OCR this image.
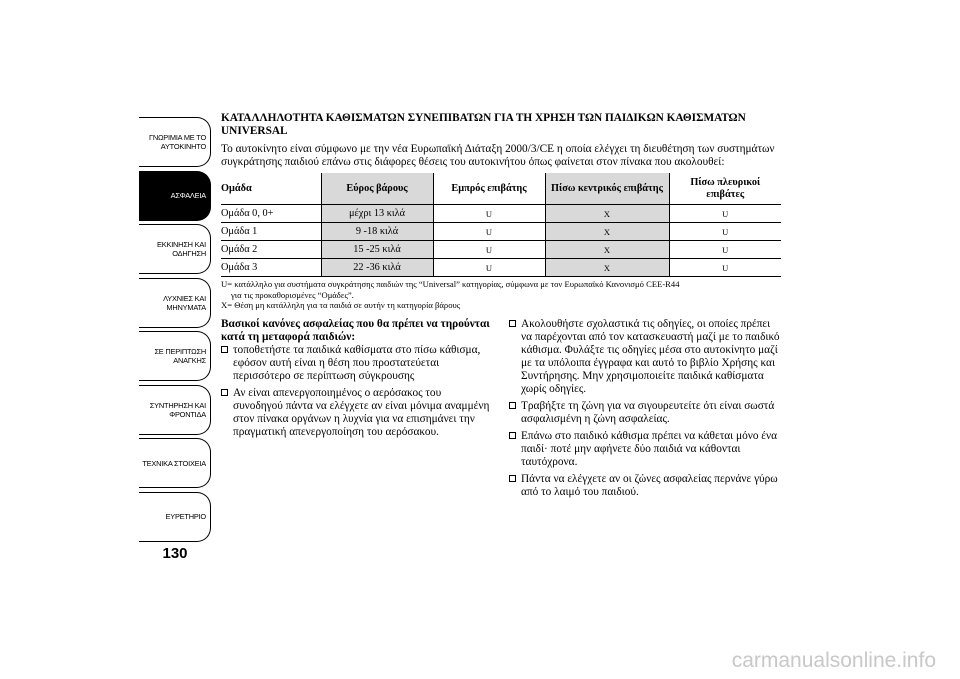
ΓΝΩΡΙΜΙΑ ΜΕ ΤΟ
ΑΥΤΟΚΙΝΗΤΟ
ΑΣΦΑΛΕΙΑ
ΕΚΚΙΝΗΣΗ ΚΑΙ
ΟΔΗΓΗΣΗ
ΛΥΧΝΙΕΣ ΚΑΙ
ΜΗΝΥΜΑΤΑ
ΣΕ ΠΕΡΙΠΤΩΣΗ
ΑΝΑΓΚΗΣ
ΣΥΝΤΗΡΗΣΗ ΚΑΙ
ΦΡΟΝΤΙΔΑ
ΤΕΧΝΙΚΑ ΣΤΟΙΧΕΙΑ
ΕΥΡΕΤΗΡΙΟ
130

ΚΑΤΑΛΛΗΛΟΤΗΤΑ ΚΑΘΙΣΜΑΤΩΝ ΣΥΝΕΠΙΒΑΤΩΝ ΓΙΑ ΤΗ ΧΡΗΣΗ ΤΩΝ ΠΑΙΔΙΚΩΝ ΚΑΘΙΣΜΑΤΩΝ UNIVERSAL

Το αυτοκίνητο είναι σύμφωνο με την νέα Ευρωπαϊκή Διάταξη 2000/3/CE η οποία ελέγχει τη διευθέτηση των συστημάτων συγκράτησης παιδιού επάνω στις διάφορες θέσεις του αυτοκινήτου όπως φαίνεται στον πίνακα που ακολουθεί:

Ομάδα	Εύρος βάρους	Εμπρός επιβάτης	Πίσω κεντρικός επιβάτης	Πίσω πλευρικοί επιβάτες
Ομάδα 0, 0+	μέχρι 13 κιλά	U	X	U
Ομάδα 1	9 -18 κιλά	U	X	U
Ομάδα 2	15 -25 κιλά	U	X	U
Ομάδα 3	22 -36 κιλά	U	X	U

U= κατάλληλο για συστήματα συγκράτησης παιδιών της “Universal” κατηγορίας, σύμφωνα με τον Ευρωπαϊκό Κανονισμό CEE-R44

για τις προκαθορισμένες “Ομάδες”.

X= Θέση μη κατάλληλη για τα παιδιά σε αυτήν τη κατηγορία βάρους

Βασικοί κανόνες ασφαλείας που θα πρέπει να τηρούνται κατά τη μεταφορά παιδιών:

τοποθετήστε τα παιδικά καθίσματα στο πίσω κάθισμα, εφόσον αυτή είναι η θέση που προστατεύεται περισσότερο σε περίπτωση σύγκρουσης

Αν είναι απενεργοποιημένος ο αερόσακος του συνοδηγού πάντα να ελέγχετε αν είναι μόνιμα αναμμένη στον πίνακα οργάνων η λυχνία για να επισημάνει την πραγματική απενεργοποίηση του αερόσακου.

Ακολουθήστε σχολαστικά τις οδηγίες, οι οποίες πρέπει να παρέχονται από τον κατασκευαστή μαζί με το παιδικό κάθισμα. Φυλάξτε τις οδηγίες μέσα στο αυτοκίνητο μαζί με τα υπόλοιπα έγγραφα και αυτό το βιβλίο Χρήσης και Συντήρησης. Μην χρησιμοποιείτε παιδικά καθίσματα χωρίς οδηγίες.

Τραβήξτε τη ζώνη για να σιγουρευτείτε ότι είναι σωστά ασφαλισμένη η ζώνη ασφαλείας.

Επάνω στο παιδικό κάθισμα πρέπει να κάθεται μόνο ένα παιδί· ποτέ μην αφήνετε δύο παιδιά να κάθονται ταυτόχρονα.

Πάντα να ελέγχετε αν οι ζώνες ασφαλείας περνάνε γύρω από το λαιμό του παιδιού.

carmanualsonline.info
